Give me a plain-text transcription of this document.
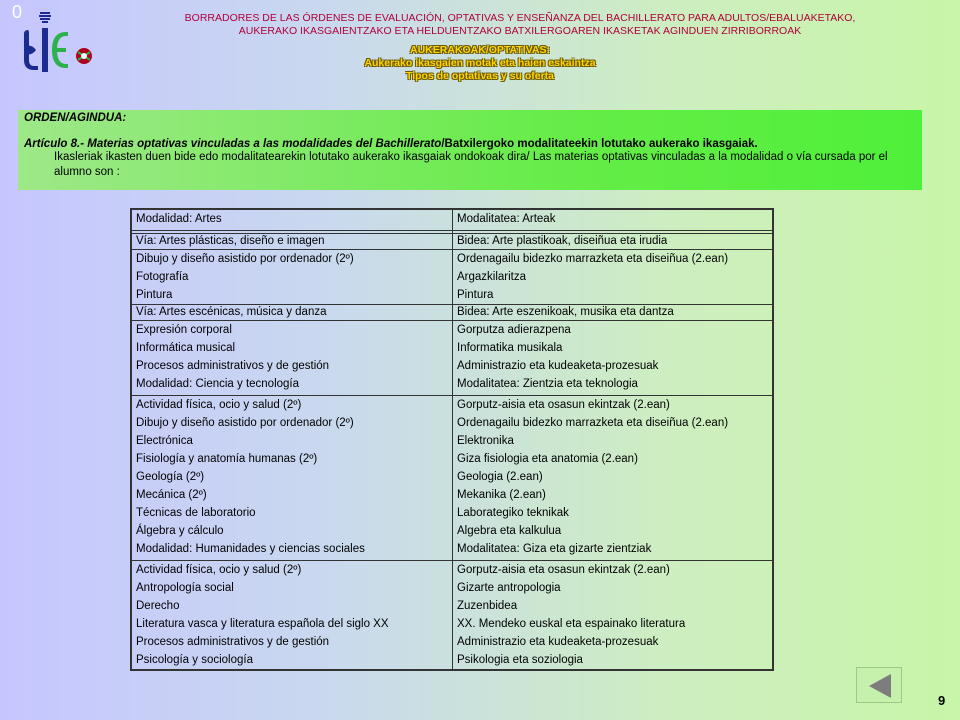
0	BORRADORES DE LAS ÓRDENES DE EVALUACIÓN, OPTATIVAS Y ENSEÑANZA DEL BACHILLERATO PARA ADULTOS/EBALUAKETAKO,
AUKERAKO IKASGAIENTZAKO ETA HELDUENTZAKO BATXILERGOAREN IKASKETAK AGINDUEN ZIRRIBORROAK
AUKERAKOAK/OPTATIVAS:
Aukerako ikasgaien motak eta haien eskaintza
Tipos de optativas y su oferta
ORDEN/AGINDUA:
Artículo 8.- Materias optativas vinculadas a las modalidades del Bachillerato/Batxilergoko modalitateekin lotutako aukerako ikasgaiak.
Ikasleriak ikasten duen bide edo modalitatearekin lotutako aukerako ikasgaiak ondokoak dira/ Las materias optativas vinculadas a la modalidad o vía cursada por el alumno son :
Modalidad: Artes	Modalitatea: Arteak

Vía: Artes plásticas, diseño e imagen	Bidea: Arte plastikoak, diseiñua eta irudia
Dibujo y diseño asistido por ordenador (2º)	Ordenagailu bidezko marrazketa eta diseiñua (2.ean)
Fotografía	Argazkilaritza
Pintura	Pintura
Vía: Artes escénicas, música y danza	Bidea: Arte eszenikoak, musika eta dantza
Expresión corporal	Gorputza adierazpena
Informática musical	Informatika musikala
Procesos administrativos y de gestión	Administrazio eta kudeaketa-prozesuak
Modalidad: Ciencia y tecnología	Modalitatea: Zientzia eta teknologia
Actividad física, ocio y salud (2º)	Gorputz-aisia eta osasun ekintzak (2.ean)
Dibujo y diseño asistido por ordenador (2º)	Ordenagailu bidezko marrazketa eta diseiñua (2.ean)
Electrónica	Elektronika
Fisiología y anatomía humanas (2º)	Giza fisiologia eta anatomia (2.ean)
Geología (2º)	Geologia (2.ean)
Mecánica (2º)	Mekanika (2.ean)
Técnicas de laboratorio	Laborategiko teknikak
Álgebra y cálculo	Algebra eta kalkulua
Modalidad: Humanidades y ciencias sociales	Modalitatea: Giza eta gizarte zientziak
Actividad física, ocio y salud (2º)	Gorputz-aisia eta osasun ekintzak (2.ean)
Antropología social	Gizarte antropologia
Derecho	Zuzenbidea
Literatura vasca y literatura española del siglo XX	XX. Mendeko euskal eta espainako literatura
Procesos administrativos y de gestión	Administrazio eta kudeaketa-prozesuak
Psicología y sociología	Psikologia eta soziologia
9
